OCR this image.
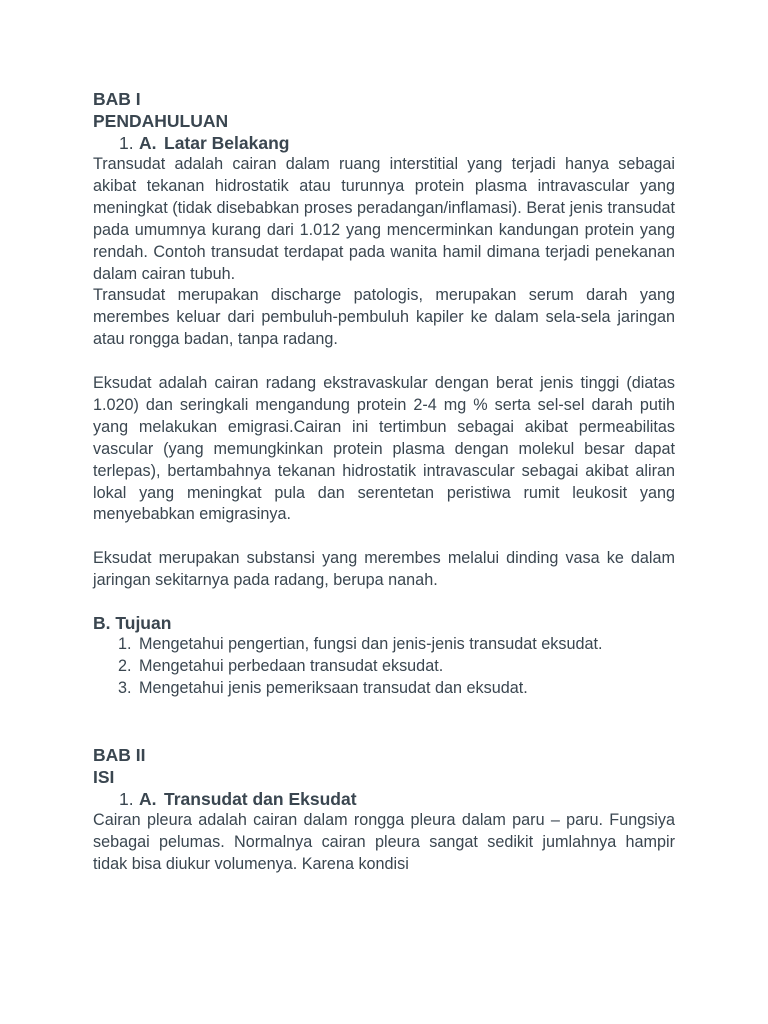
BAB I
PENDAHULUAN
1. A. Latar Belakang

Transudat adalah cairan dalam ruang interstitial yang terjadi hanya sebagai akibat tekanan hidrostatik atau turunnya protein plasma intravascular yang meningkat (tidak disebabkan proses peradangan/inflamasi). Berat jenis transudat pada umumnya kurang dari 1.012 yang mencerminkan kandungan protein yang rendah. Contoh transudat terdapat pada wanita hamil dimana terjadi penekanan dalam cairan tubuh.

Transudat merupakan discharge patologis, merupakan serum darah yang merembes keluar dari pembuluh-pembuluh kapiler ke dalam sela-sela jaringan atau rongga badan, tanpa radang.

Eksudat adalah cairan radang ekstravaskular dengan berat jenis tinggi (diatas 1.020) dan seringkali mengandung protein 2-4 mg % serta sel-sel darah putih yang melakukan emigrasi.Cairan ini tertimbun sebagai akibat permeabilitas vascular (yang memungkinkan protein plasma dengan molekul besar dapat terlepas), bertambahnya tekanan hidrostatik intravascular sebagai akibat aliran lokal yang meningkat pula dan serentetan peristiwa rumit leukosit yang menyebabkan emigrasinya.

Eksudat merupakan substansi yang merembes melalui dinding vasa ke dalam jaringan sekitarnya pada radang, berupa nanah.

B. Tujuan
1. Mengetahui pengertian, fungsi dan jenis-jenis transudat eksudat.
2. Mengetahui perbedaan transudat eksudat.
3. Mengetahui jenis pemeriksaan transudat dan eksudat.
BAB II
ISI
1. A. Transudat dan Eksudat

Cairan pleura adalah cairan dalam rongga pleura dalam paru – paru. Fungsiya sebagai pelumas. Normalnya cairan pleura sangat sedikit jumlahnya hampir tidak bisa diukur volumenya. Karena kondisi
